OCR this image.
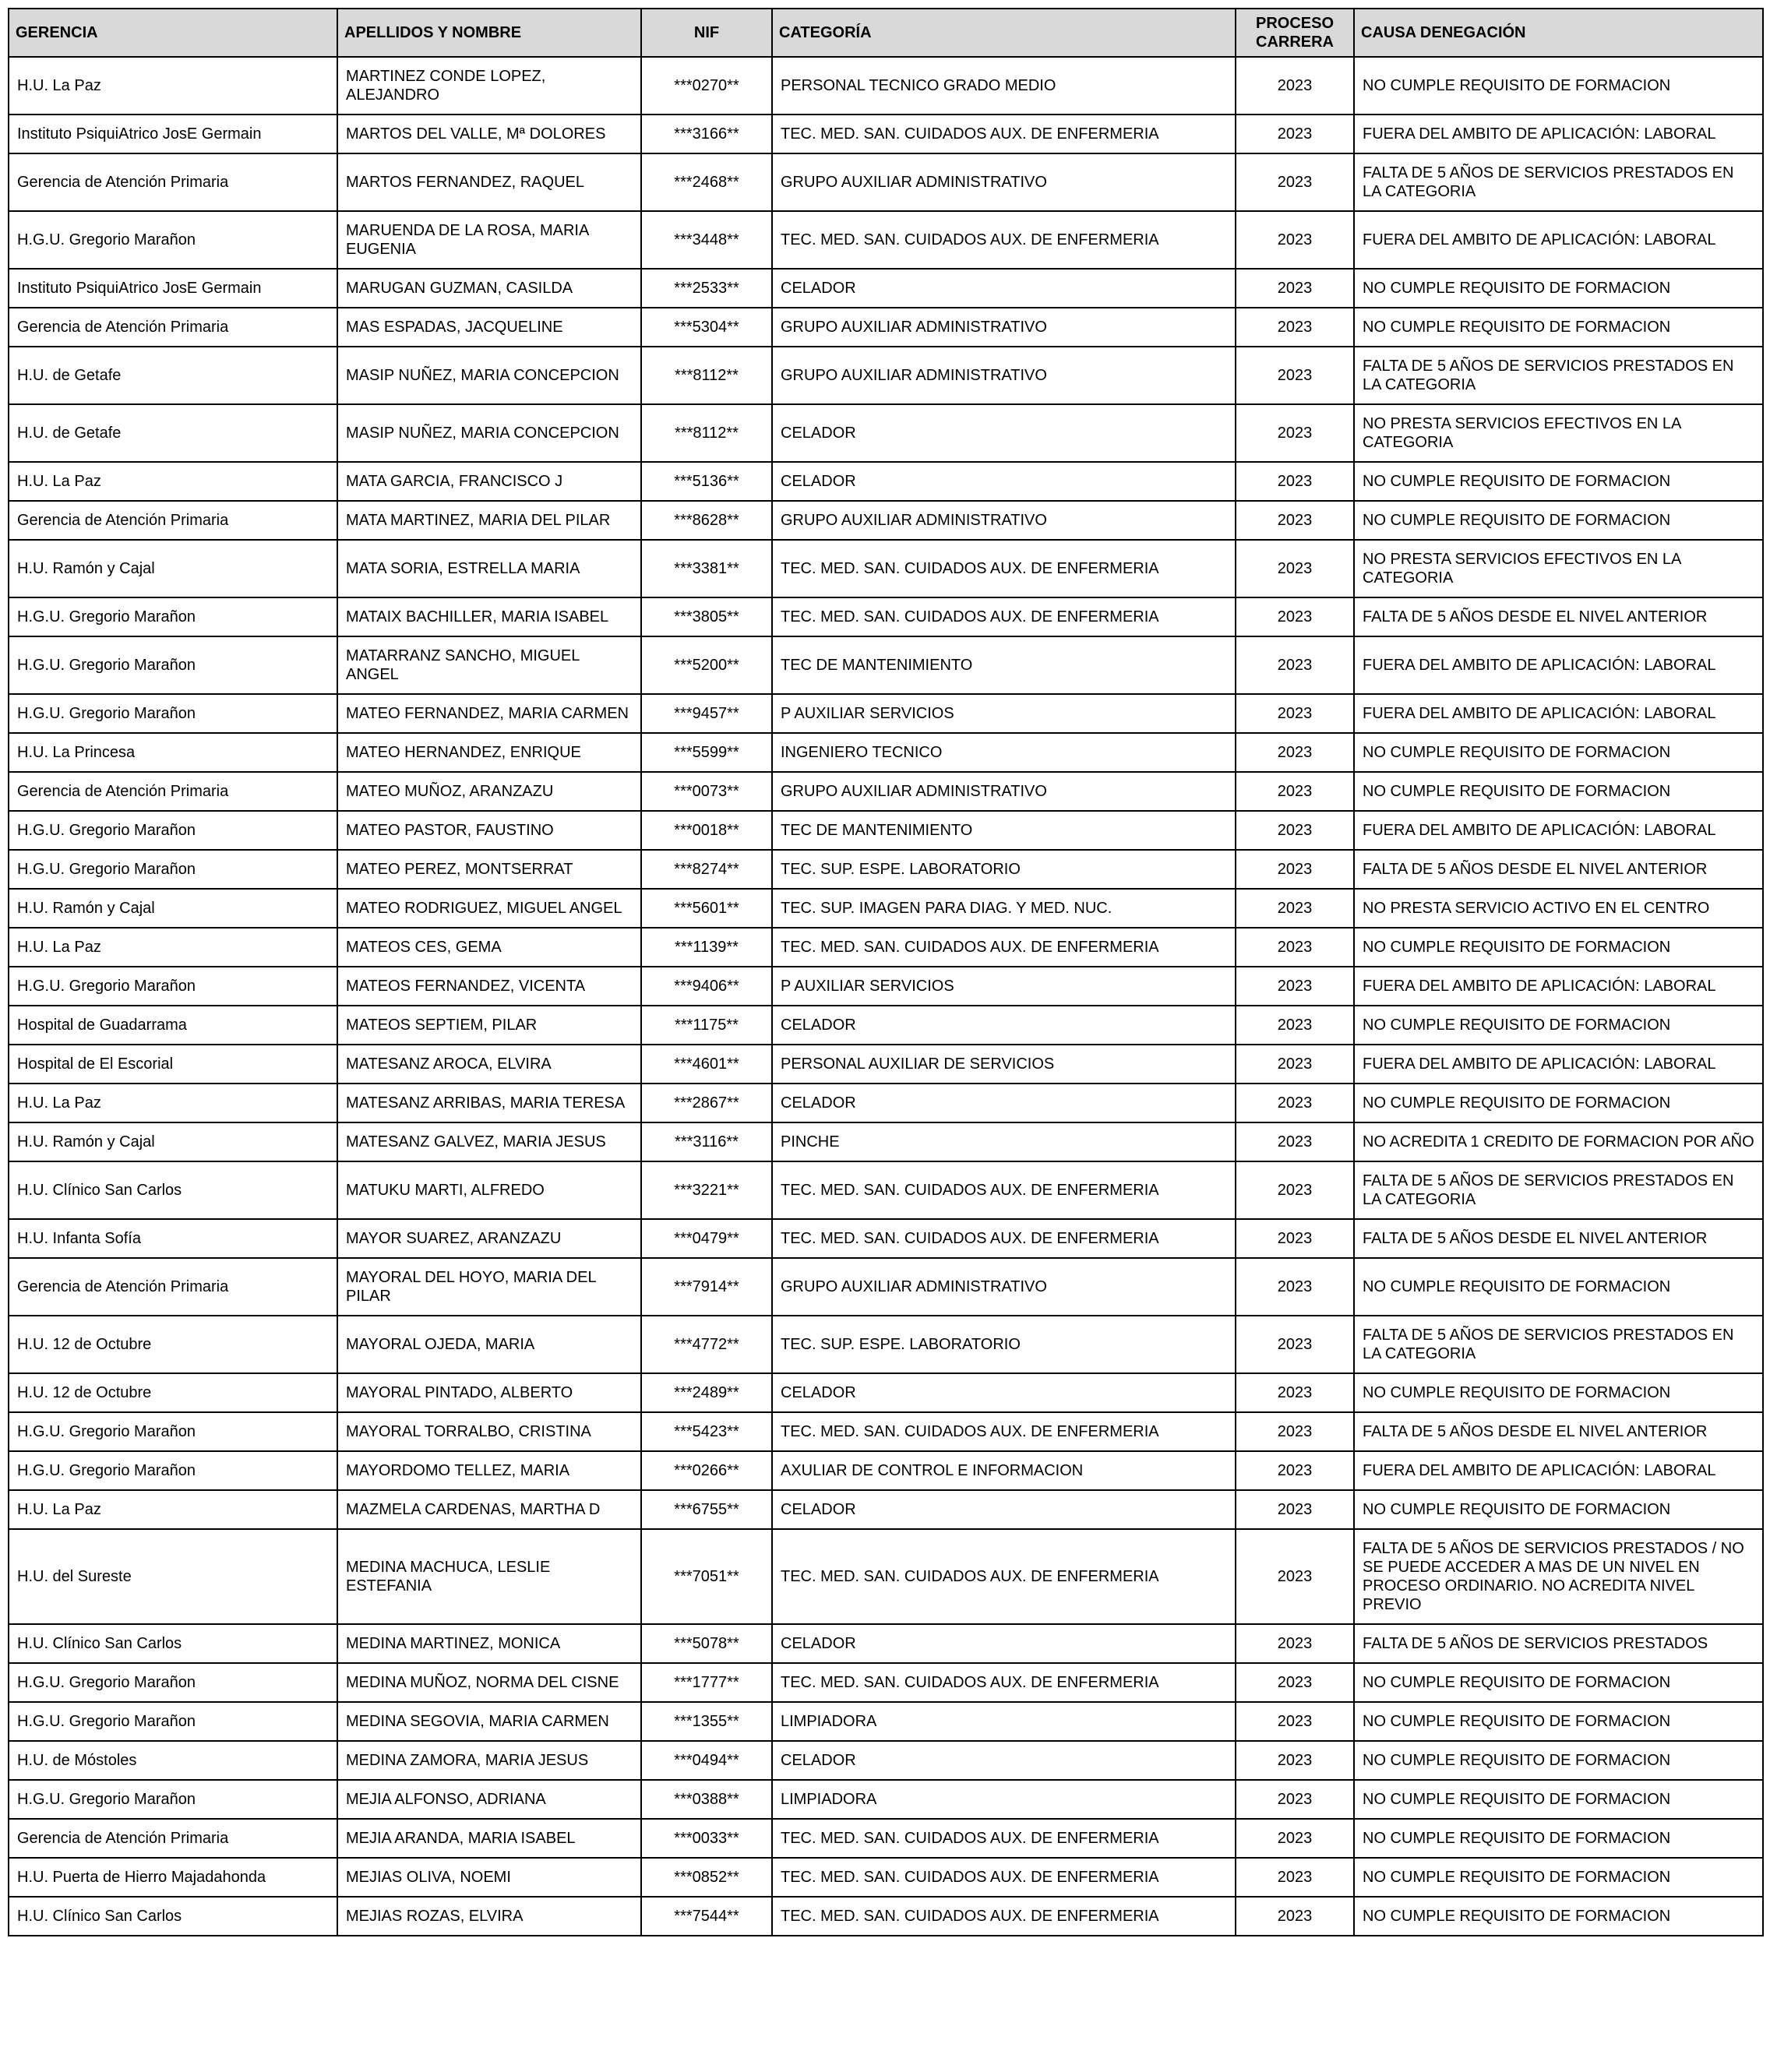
GERENCIA	APELLIDOS Y NOMBRE	NIF	CATEGORÍA	PROCESO CARRERA	CAUSA DENEGACIÓN
H.U. La Paz	MARTINEZ CONDE LOPEZ, ALEJANDRO	***0270**	PERSONAL TECNICO GRADO MEDIO	2023	NO CUMPLE REQUISITO DE FORMACION
Instituto PsiquiAtrico JosE Germain	MARTOS DEL VALLE, Mª DOLORES	***3166**	TEC. MED. SAN. CUIDADOS AUX. DE ENFERMERIA	2023	FUERA DEL AMBITO DE APLICACIÓN: LABORAL
Gerencia de Atención Primaria	MARTOS FERNANDEZ, RAQUEL	***2468**	GRUPO AUXILIAR ADMINISTRATIVO	2023	FALTA DE 5 AÑOS DE SERVICIOS PRESTADOS EN LA CATEGORIA
H.G.U. Gregorio Marañon	MARUENDA DE LA ROSA, MARIA EUGENIA	***3448**	TEC. MED. SAN. CUIDADOS AUX. DE ENFERMERIA	2023	FUERA DEL AMBITO DE APLICACIÓN: LABORAL
Instituto PsiquiAtrico JosE Germain	MARUGAN GUZMAN, CASILDA	***2533**	CELADOR	2023	NO CUMPLE REQUISITO DE FORMACION
Gerencia de Atención Primaria	MAS ESPADAS, JACQUELINE	***5304**	GRUPO AUXILIAR ADMINISTRATIVO	2023	NO CUMPLE REQUISITO DE FORMACION
H.U. de Getafe	MASIP NUÑEZ, MARIA CONCEPCION	***8112**	GRUPO AUXILIAR ADMINISTRATIVO	2023	FALTA DE 5 AÑOS DE SERVICIOS PRESTADOS EN LA CATEGORIA
H.U. de Getafe	MASIP NUÑEZ, MARIA CONCEPCION	***8112**	CELADOR	2023	NO PRESTA SERVICIOS EFECTIVOS EN LA CATEGORIA
H.U. La Paz	MATA GARCIA, FRANCISCO J	***5136**	CELADOR	2023	NO CUMPLE REQUISITO DE FORMACION
Gerencia de Atención Primaria	MATA MARTINEZ, MARIA DEL PILAR	***8628**	GRUPO AUXILIAR ADMINISTRATIVO	2023	NO CUMPLE REQUISITO DE FORMACION
H.U. Ramón y Cajal	MATA SORIA, ESTRELLA MARIA	***3381**	TEC. MED. SAN. CUIDADOS AUX. DE ENFERMERIA	2023	NO PRESTA SERVICIOS EFECTIVOS EN LA CATEGORIA
H.G.U. Gregorio Marañon	MATAIX BACHILLER, MARIA ISABEL	***3805**	TEC. MED. SAN. CUIDADOS AUX. DE ENFERMERIA	2023	FALTA DE 5 AÑOS DESDE EL NIVEL ANTERIOR
H.G.U. Gregorio Marañon	MATARRANZ SANCHO, MIGUEL ANGEL	***5200**	TEC DE MANTENIMIENTO	2023	FUERA DEL AMBITO DE APLICACIÓN: LABORAL
H.G.U. Gregorio Marañon	MATEO FERNANDEZ, MARIA CARMEN	***9457**	P AUXILIAR SERVICIOS	2023	FUERA DEL AMBITO DE APLICACIÓN: LABORAL
H.U. La Princesa	MATEO HERNANDEZ, ENRIQUE	***5599**	INGENIERO TECNICO	2023	NO CUMPLE REQUISITO DE FORMACION
Gerencia de Atención Primaria	MATEO MUÑOZ, ARANZAZU	***0073**	GRUPO AUXILIAR ADMINISTRATIVO	2023	NO CUMPLE REQUISITO DE FORMACION
H.G.U. Gregorio Marañon	MATEO PASTOR, FAUSTINO	***0018**	TEC DE MANTENIMIENTO	2023	FUERA DEL AMBITO DE APLICACIÓN: LABORAL
H.G.U. Gregorio Marañon	MATEO PEREZ, MONTSERRAT	***8274**	TEC. SUP. ESPE. LABORATORIO	2023	FALTA DE 5 AÑOS DESDE EL NIVEL ANTERIOR
H.U. Ramón y Cajal	MATEO RODRIGUEZ, MIGUEL ANGEL	***5601**	TEC. SUP. IMAGEN PARA DIAG. Y MED. NUC.	2023	NO PRESTA SERVICIO ACTIVO EN EL CENTRO
H.U. La Paz	MATEOS CES, GEMA	***1139**	TEC. MED. SAN. CUIDADOS AUX. DE ENFERMERIA	2023	NO CUMPLE REQUISITO DE FORMACION
H.G.U. Gregorio Marañon	MATEOS FERNANDEZ, VICENTA	***9406**	P AUXILIAR SERVICIOS	2023	FUERA DEL AMBITO DE APLICACIÓN: LABORAL
Hospital de Guadarrama	MATEOS SEPTIEM, PILAR	***1175**	CELADOR	2023	NO CUMPLE REQUISITO DE FORMACION
Hospital de El Escorial	MATESANZ AROCA, ELVIRA	***4601**	PERSONAL AUXILIAR DE SERVICIOS	2023	FUERA DEL AMBITO DE APLICACIÓN: LABORAL
H.U. La Paz	MATESANZ ARRIBAS, MARIA TERESA	***2867**	CELADOR	2023	NO CUMPLE REQUISITO DE FORMACION
H.U. Ramón y Cajal	MATESANZ GALVEZ, MARIA JESUS	***3116**	PINCHE	2023	NO ACREDITA 1 CREDITO DE FORMACION POR AÑO
H.U. Clínico San Carlos	MATUKU MARTI, ALFREDO	***3221**	TEC. MED. SAN. CUIDADOS AUX. DE ENFERMERIA	2023	FALTA DE 5 AÑOS DE SERVICIOS PRESTADOS EN LA CATEGORIA
H.U. Infanta Sofía	MAYOR SUAREZ, ARANZAZU	***0479**	TEC. MED. SAN. CUIDADOS AUX. DE ENFERMERIA	2023	FALTA DE 5 AÑOS DESDE EL NIVEL ANTERIOR
Gerencia de Atención Primaria	MAYORAL DEL HOYO, MARIA DEL PILAR	***7914**	GRUPO AUXILIAR ADMINISTRATIVO	2023	NO CUMPLE REQUISITO DE FORMACION
H.U. 12 de Octubre	MAYORAL OJEDA, MARIA	***4772**	TEC. SUP. ESPE. LABORATORIO	2023	FALTA DE 5 AÑOS DE SERVICIOS PRESTADOS EN LA CATEGORIA
H.U. 12 de Octubre	MAYORAL PINTADO, ALBERTO	***2489**	CELADOR	2023	NO CUMPLE REQUISITO DE FORMACION
H.G.U. Gregorio Marañon	MAYORAL TORRALBO, CRISTINA	***5423**	TEC. MED. SAN. CUIDADOS AUX. DE ENFERMERIA	2023	FALTA DE 5 AÑOS DESDE EL NIVEL ANTERIOR
H.G.U. Gregorio Marañon	MAYORDOMO TELLEZ, MARIA	***0266**	AXULIAR DE CONTROL E INFORMACION	2023	FUERA DEL AMBITO DE APLICACIÓN: LABORAL
H.U. La Paz	MAZMELA CARDENAS, MARTHA D	***6755**	CELADOR	2023	NO CUMPLE REQUISITO DE FORMACION
H.U. del Sureste	MEDINA MACHUCA, LESLIE ESTEFANIA	***7051**	TEC. MED. SAN. CUIDADOS AUX. DE ENFERMERIA	2023	FALTA DE 5 AÑOS DE SERVICIOS PRESTADOS / NO SE PUEDE ACCEDER A MAS DE UN NIVEL EN PROCESO ORDINARIO. NO ACREDITA NIVEL PREVIO
H.U. Clínico San Carlos	MEDINA MARTINEZ, MONICA	***5078**	CELADOR	2023	FALTA DE 5 AÑOS DE SERVICIOS PRESTADOS
H.G.U. Gregorio Marañon	MEDINA MUÑOZ, NORMA DEL CISNE	***1777**	TEC. MED. SAN. CUIDADOS AUX. DE ENFERMERIA	2023	NO CUMPLE REQUISITO DE FORMACION
H.G.U. Gregorio Marañon	MEDINA SEGOVIA, MARIA CARMEN	***1355**	LIMPIADORA	2023	NO CUMPLE REQUISITO DE FORMACION
H.U. de Móstoles	MEDINA ZAMORA, MARIA JESUS	***0494**	CELADOR	2023	NO CUMPLE REQUISITO DE FORMACION
H.G.U. Gregorio Marañon	MEJIA ALFONSO, ADRIANA	***0388**	LIMPIADORA	2023	NO CUMPLE REQUISITO DE FORMACION
Gerencia de Atención Primaria	MEJIA ARANDA, MARIA ISABEL	***0033**	TEC. MED. SAN. CUIDADOS AUX. DE ENFERMERIA	2023	NO CUMPLE REQUISITO DE FORMACION
H.U. Puerta de Hierro Majadahonda	MEJIAS OLIVA, NOEMI	***0852**	TEC. MED. SAN. CUIDADOS AUX. DE ENFERMERIA	2023	NO CUMPLE REQUISITO DE FORMACION
H.U. Clínico San Carlos	MEJIAS ROZAS, ELVIRA	***7544**	TEC. MED. SAN. CUIDADOS AUX. DE ENFERMERIA	2023	NO CUMPLE REQUISITO DE FORMACION
